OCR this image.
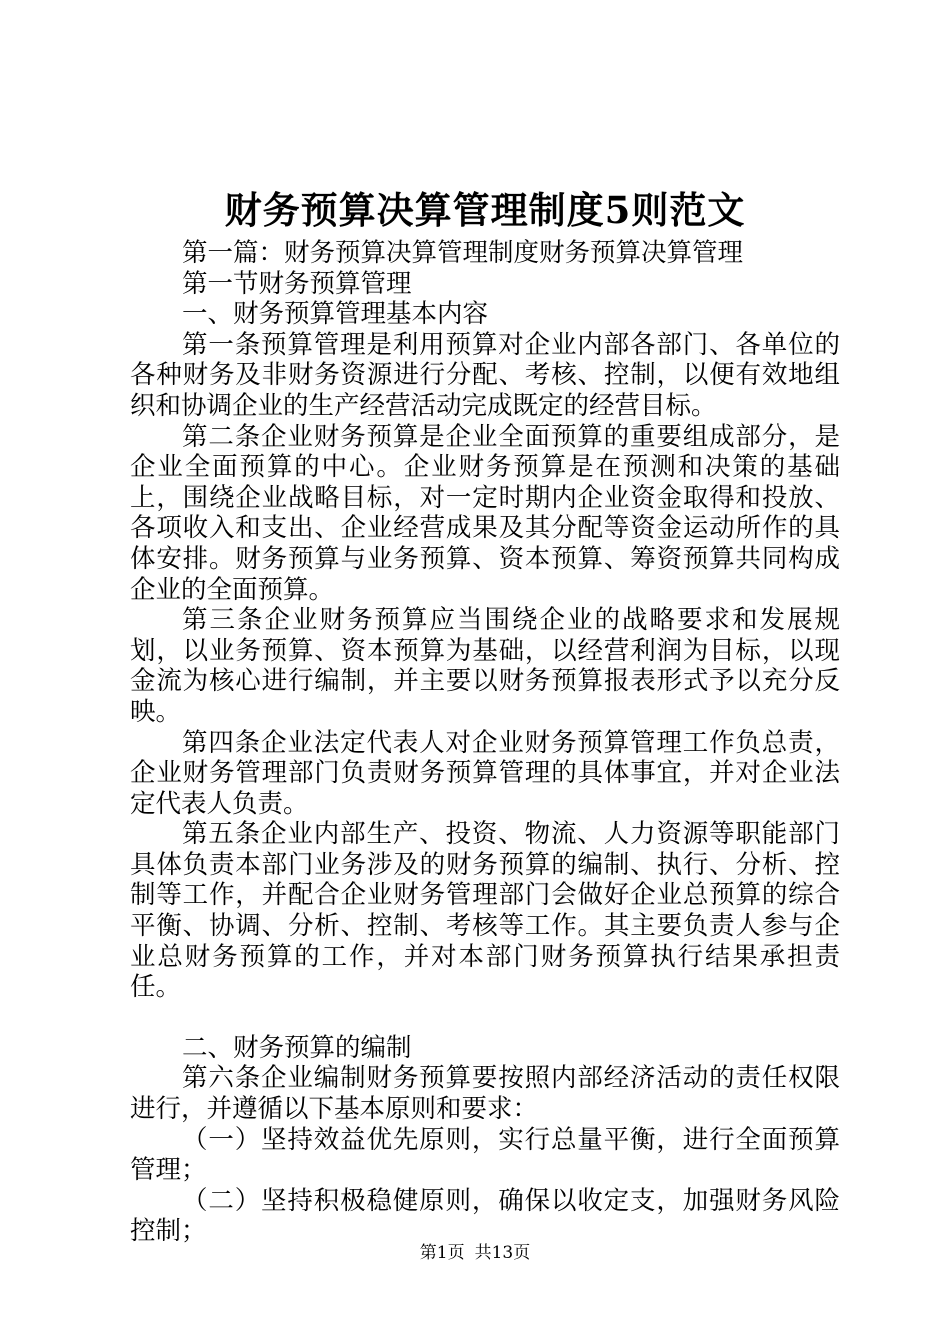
财务预算决算管理制度5则范文

第一篇：财务预算决算管理制度财务预算决算管理

第一节财务预算管理

一、财务预算管理基本内容

第一条预算管理是利用预算对企业内部各部门、各单位的各种财务及非财务资源进行分配、考核、控制，以便有效地组织和协调企业的生产经营活动完成既定的经营目标。

第二条企业财务预算是企业全面预算的重要组成部分，是企业全面预算的中心。企业财务预算是在预测和决策的基础上，围绕企业战略目标，对一定时期内企业资金取得和投放、各项收入和支出、企业经营成果及其分配等资金运动所作的具体安排。财务预算与业务预算、资本预算、筹资预算共同构成企业的全面预算。

第三条企业财务预算应当围绕企业的战略要求和发展规划，以业务预算、资本预算为基础，以经营利润为目标，以现金流为核心进行编制，并主要以财务预算报表形式予以充分反映。

第四条企业法定代表人对企业财务预算管理工作负总责，企业财务管理部门负责财务预算管理的具体事宜，并对企业法定代表人负责。

第五条企业内部生产、投资、物流、人力资源等职能部门具体负责本部门业务涉及的财务预算的编制、执行、分析、控制等工作，并配合企业财务管理部门会做好企业总预算的综合平衡、协调、分析、控制、考核等工作。其主要负责人参与企业总财务预算的工作，并对本部门财务预算执行结果承担责任。

二、财务预算的编制

第六条企业编制财务预算要按照内部经济活动的责任权限进行，并遵循以下基本原则和要求：

（一）坚持效益优先原则，实行总量平衡，进行全面预算管理；

（二）坚持积极稳健原则，确保以收定支，加强财务风险控制；

第1页 共13页
